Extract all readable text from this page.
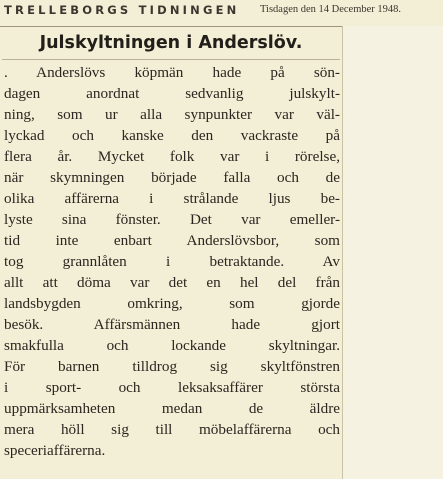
TRELLEBORGS TIDNINGEN Tisdagen den 14 December 1948.
Julskyltningen i Anderslöv.
. Anderslövs köpmän hade på sön-
dagen anordnat sedvanlig julskylt-
ning, som ur alla synpunkter var väl-
lyckad och kanske den vackraste på
flera år. Mycket folk var i rörelse,
när skymningen började falla och de
olika affärerna i strålande ljus be-
lyste sina fönster. Det var emeller-
tid inte enbart Anderslövsbor, som
tog grannlåten i betraktande. Av
allt att döma var det en hel del från
landsbygden omkring, som gjorde
besök. Affärsmännen hade gjort
smakfulla och lockande skyltningar.
För barnen tilldrog sig skyltfönstren
i sport- och leksaksaffärer största
uppmärksamheten medan de äldre
mera höll sig till möbelaffärerna och
speceriaffärerna.
